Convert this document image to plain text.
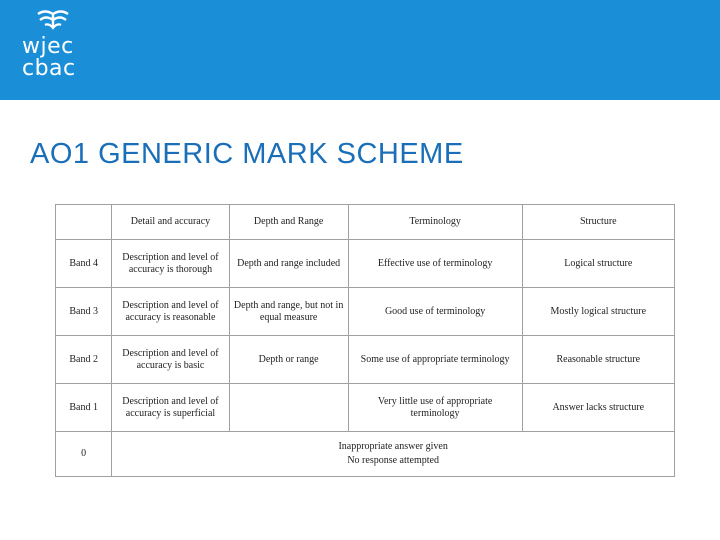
wjec
cbac
AO1 GENERIC MARK SCHEME
	Detail and accuracy	Depth and Range	Terminology	Structure
Band 4	Description and level of accuracy is thorough	Depth and range included	Effective use of terminology	Logical structure
Band 3	Description and level of accuracy is reasonable	Depth and range, but not in equal measure	Good use of terminology	Mostly logical structure
Band 2	Description and level of accuracy is basic	Depth or range	Some use of appropriate terminology	Reasonable structure
Band 1	Description and level of accuracy is superficial		Very little use of appropriate terminology	Answer lacks structure
0	Inappropriate answer given
No response attempted			
